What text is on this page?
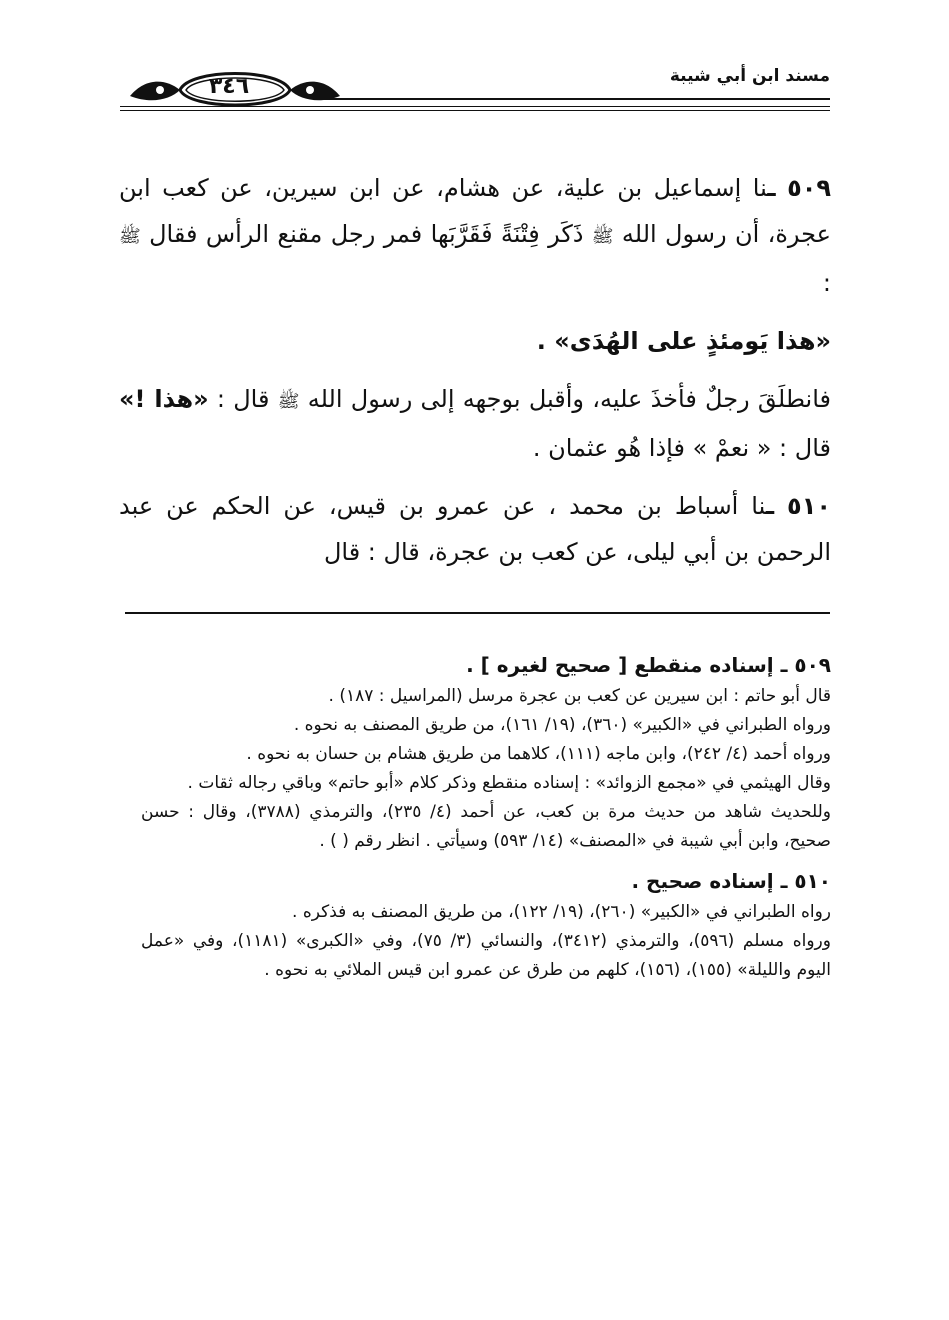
مسند ابن أبي شيبة
٣٤٦

٥٠٩ ـنا إسماعيل بن علية، عن هشام، عن ابن سيرين، عن كعب ابن عجرة، أن رسول الله ﷺ ذَكَر فِتْنَةً فَقَرَّبَها فمر رجل مقنع الرأس فقال ﷺ :

«هذا يَومئذٍ على الهُدَى» .

فانطلَقَ رجلٌ فأخذَ عليه، وأقبل بوجهه إلى رسول الله ﷺ قال : «هذا !» قال : « نعمْ » فإذا هُو عثمان .

٥١٠ ـنا أسباط بن محمد ، عن عمرو بن قيس، عن الحكم عن عبد الرحمن بن أبي ليلى، عن كعب بن عجرة، قال : قال

٥٠٩ ـ إسناده منقطع [ صحيح لغيره ] .

قال أبو حاتم : ابن سيرين عن كعب بن عجرة مرسل (المراسيل : ١٨٧) .

ورواه الطبراني في «الكبير» (٣٦٠)، (١٩/ ١٦١)، من طريق المصنف به نحوه .

ورواه أحمد (٤/ ٢٤٢)، وابن ماجه (١١١)، كلاهما من طريق هشام بن حسان به نحوه .

وقال الهيثمي في «مجمع الزوائد» : إسناده منقطع وذكر كلام «أبو حاتم» وباقي رجاله ثقات .

وللحديث شاهد من حديث مرة بن كعب، عن أحمد (٤/ ٢٣٥)، والترمذي (٣٧٨٨)، وقال : حسن صحيح، وابن أبي شيبة في «المصنف» (١٤/ ٥٩٣) وسيأتي . انظر رقم ( ) .

٥١٠ ـ إسناده صحيح .

رواه الطبراني في «الكبير» (٢٦٠)، (١٩/ ١٢٢)، من طريق المصنف به فذكره .

ورواه مسلم (٥٩٦)، والترمذي (٣٤١٢)، والنسائي (٣/ ٧٥)، وفي «الكبرى» (١١٨١)، وفي «عمل اليوم والليلة» (١٥٥)، (١٥٦)، كلهم من طرق عن عمرو ابن قيس الملائي به نحوه .
